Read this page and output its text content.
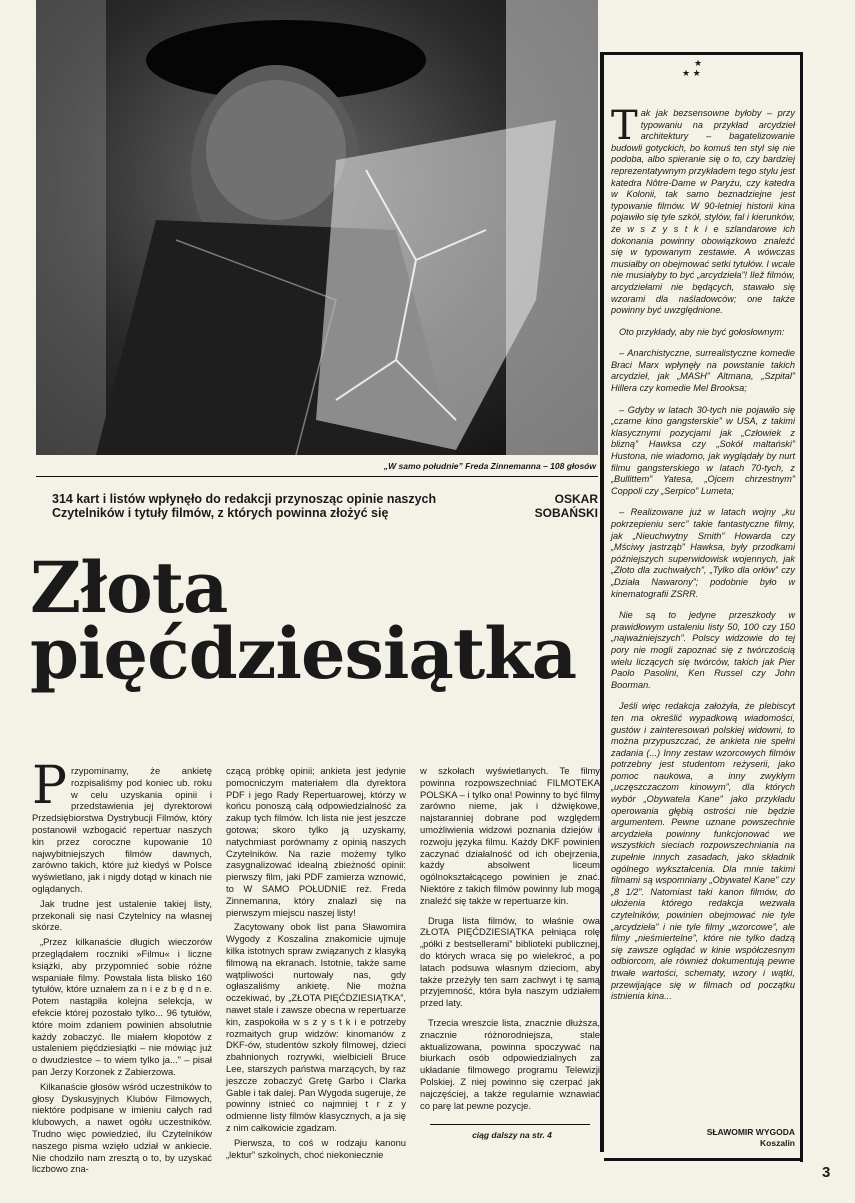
„W samo południe” Freda Zinnemanna – 108 głosów
314 kart i listów wpłynęło do redakcji przynosząc opinie naszych Czytelników i tytuły filmów, z których powinna złożyć się
OSKAR
SOBAŃSKI
Złota
pięćdziesiątka
★
★ ★

Tak jak bezsensowne byłoby – przy typowaniu na przykład arcydzieł architektury – bagatelizowanie budowli gotyckich, bo komuś ten styl się nie podoba, albo spieranie się o to, czy bardziej reprezentatywnym przykładem tego stylu jest katedra Nôtre-Dame w Paryżu, czy katedra w Kolonii, tak samo beznadziejne jest typowanie filmów. W 90-letniej historii kina pojawiło się tyle szkół, stylów, fal i kierunków, że w s z y s t k i e szlandarowe ich dokonania powinny obowiązkowo znaleźć się w typowanym zestawie. A wówczas musiałby on obejmować setki tytułów. I wcale nie musiałyby to być „arcydzieła”! Ilež filmów, arcydziełami nie będących, stawało się wzorami dla naśladowców; one także powinny być uwzględnione.

Oto przykłady, aby nie być gołosłownym:

– Anarchistyczne, surrealistyczne komedie Braci Marx wpłynęły na powstanie takich arcydzieł, jak „MASH” Altmana, „Szpital” Hillera czy komedie Mel Brooksa;

– Gdyby w latach 30-tych nie pojawiło się „czarne kino gangsterskie” w USA, z takimi klasycznymi pozycjami jak „Człowiek z blizną” Hawksa czy „Sokół maltański” Hustona, nie wiadomo, jak wyglądały by nurt filmu gangsterskiego w latach 70-tych, z „Bullittem” Yatesa, „Ojcem chrzestnym” Coppoli czy „Serpico” Lumeta;

– Realizowane już w latach wojny „ku pokrzepieniu serc” takie fantastyczne filmy, jak „Nieuchwytny Smith” Howarda czy „Mściwy jastrząb” Hawksa, były przodkami późniejszych superwidowisk wojennych, jak „Złoto dla zuchwałych”, „Tylko dla orłów” czy „Działa Nawarony”; podobnie było w kinematografii ZSRR.

Nie są to jedyne przeszkody w prawidłowym ustaleniu listy 50, 100 czy 150 „najważniejszych”. Polscy widzowie do tej pory nie mogli zapoznać się z twórczością wielu liczących się twórców, takich jak Pier Paolo Pasolini, Ken Russel czy John Boorman.

Jeśli więc redakcja założyła, że plebiscyt ten ma określić wypadkową wiadomości, gustów i zainteresowań polskiej widowni, to można przypuszczać, że ankieta nie spełni zadania (...) Inny zestaw wzorcowych filmów potrzebny jest studentom reżyserii, jako pomoc naukowa, a inny zwykłym „uczęszczaczom kinowym”, dla których wybór „Obywatela Kane” jako przykładu operowania głębią ostrości nie będzie argumentem. Pewne uznane powszechnie arcydzieła powinny funkcjonować we wszystkich sieciach rozpowszechniania na zupełnie innych zasadach, jako składnik ogólnego wykształcenia. Dla mnie takimi filmami są wspomniany „Obywatel Kane” czy „8 1/2”. Natomiast taki kanon filmów, do ułożenia którego redakcja wezwała czytelników, powinien obejmować nie tyle „arcydzieła” i nie tyle filmy „wzorcowe”, ale filmy „nieśmiertelne”, które nie tylko dadzą się zawsze oglądać w kinie współczesnym odbiorcom, ale również dokumentują pewne trwałe wartości, schematy, wzory i wątki, przewijające się w filmach od początku istnienia kina...

SŁAWOMIR WYGODA
Koszalin

Przypominamy, że ankietę rozpisaliśmy pod koniec ub. roku w celu uzyskania opinii i przedstawienia jej dyrektorowi Przedsiębiorstwa Dystrybucji Filmów, który postanowił wzbogacić repertuar naszych kin przez coroczne kupowanie 10 najwybitniejszych filmów dawnych, zarówno takich, które już kiedyś w Polsce wyświetlano, jak i nigdy dotąd w kinach nie oglądanych.

Jak trudne jest ustalenie takiej listy, przekonali się nasi Czytelnicy na własnej skórze.

„Przez kilkanaście długich wieczorów przeglądałem roczniki »Filmu« i liczne książki, aby przypomnieć sobie różne wspaniałe filmy. Powstała lista blisko 160 tytułów, które uznałem za n i e z b ę d n e. Potem nastąpiła kolejna selekcja, w efekcie której pozostało tylko... 96 tytułów, które moim zdaniem powinien absolutnie każdy zobaczyć. Ile miałem kłopotów z ustaleniem pięćdziesiątki – nie mówiąc już o dwudziestce – to wiem tylko ja...” – pisał pan Jerzy Korzonek z Zabierzowa.

Kilkanaście głosów wśród uczestników to głosy Dyskusyjnych Klubów Filmowych, niektóre podpisane w imieniu całych rad klubowych, a nawet ogółu uczestników. Trudno więc powiedzieć, ilu Czytelników naszego pisma wzięło udział w ankiecie. Nie chodziło nam zresztą o to, by uzyskać liczbowo zna-

czącą próbkę opinii; ankieta jest jedynie pomocniczym materiałem dla dyrektora PDF i jego Rady Repertuarowej, którzy w końcu ponoszą całą odpowiedzialność za zakup tych filmów. Ich lista nie jest jeszcze gotowa; skoro tylko ją uzyskamy, natychmiast porównamy z opinią naszych Czytelników. Na razie możemy tylko zasygnalizować idealną zbieżność opinii: pierwszy film, jaki PDF zamierza wznowić, to W SAMO POŁUDNIE reż. Freda Zinnemanna, który znalazł się na pierwszym miejscu naszej listy!

Zacytowany obok list pana Sławomira Wygody z Koszalina znakomicie ujmuje kilka istotnych spraw związanych z klasyką filmową na ekranach. Istotnie, także same wątpliwości nurtowały nas, gdy ogłaszaliśmy ankietę. Nie można oczekiwać, by „ZŁOTA PIĘĆDZIESIĄTKA”, nawet stale i zawsze obecna w repertuarze kin, zaspokoiła w s z y s t k i e potrzeby rozmaitych grup widzów: kinomanów z DKF-ów, studentów szkoły filmowej, dzieci zbahnionych rozrywki, wielbicieli Bruce Lee, starszych państwa marzących, by raz jeszcze zobaczyć Gretę Garbo i Clarka Gable i tak dalej. Pan Wygoda sugeruje, że powinny istnieć co najmniej t r z y odmienne listy filmów klasycznych, a ja się z nim całkowicie zgadzam.

Pierwsza, to coś w rodzaju kanonu „lektur” szkolnych, choć niekoniecznie

w szkołach wyświetlanych. Te filmy powinna rozpowszechniać FILMOTEKA POLSKA – i tylko ona! Powinny to być filmy zarówno nieme, jak i dźwiękowe, najstaranniej dobrane pod względem umożliwienia widzowi poznania dziejów i rozwoju języka filmu. Każdy DKF powinien zaczynać działalność od ich obejrzenia, każdy absolwent liceum ogólnokształcącego powinien je znać. Niektóre z takich filmów powinny lub mogą znaleźć się także w repertuarze kin.

Druga lista filmów, to właśnie owa ZŁOTA PIĘĆDZIESIĄTKA pełniąca rolę „półki z bestsellerami” biblioteki publicznej, do których wraca się po wielekroć, a po latach podsuwa własnym dzieciom, aby także przeżyły ten sam zachwyt i tę samą przyjemność, która była naszym udziałem przed laty.

Trzecia wreszcie lista, znacznie dłuższa, znacznie różnorodniejsza, stale aktualizowana, powinna spoczywać na biurkach osób odpowiedzialnych za układanie filmowego programu Telewizji Polskiej. Z niej powinno się czerpać jak najczęściej, a także regularnie wznawiać co parę lat pewne pozycje.

ciąg dalszy na str. 4
3
